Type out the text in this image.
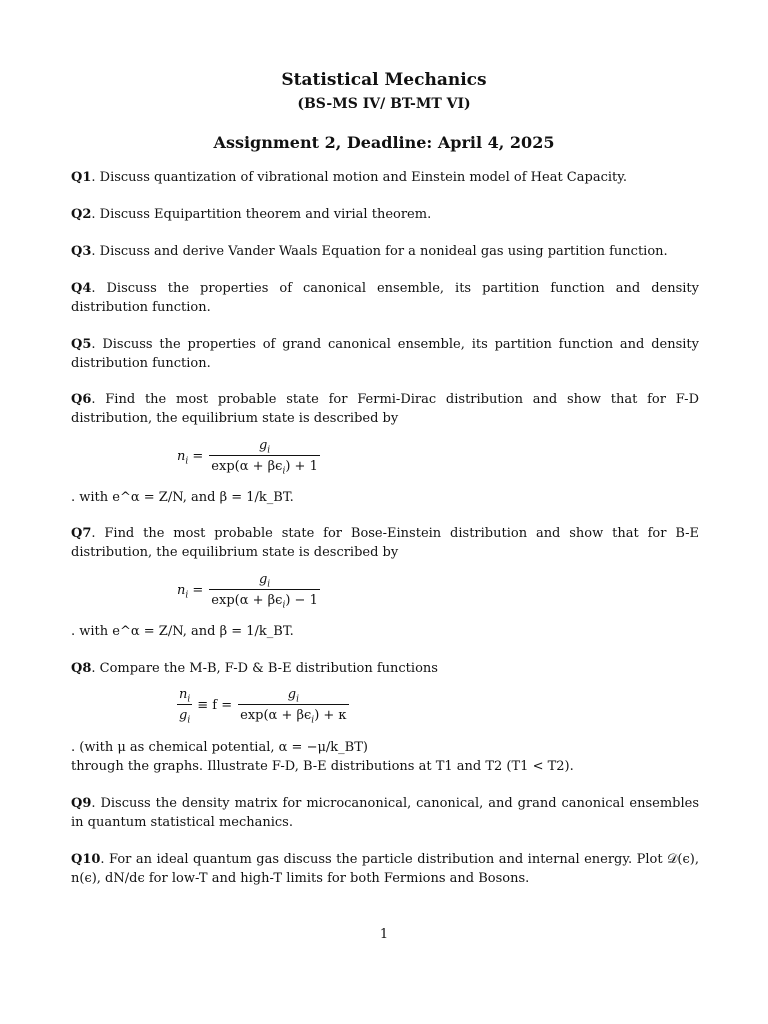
Statistical Mechanics
(BS-MS IV/ BT-MT VI)
Assignment 2, Deadline: April 4, 2025
Q1. Discuss quantization of vibrational motion and Einstein model of Heat Capacity.
Q2. Discuss Equipartition theorem and virial theorem.
Q3. Discuss and derive Vander Waals Equation for a nonideal gas using partition function.
Q4. Discuss the properties of canonical ensemble, its partition function and density distribution function.
Q5. Discuss the properties of grand canonical ensemble, its partition function and density distribution function.
Q6. Find the most probable state for Fermi-Dirac distribution and show that for F-D distribution, the equilibrium state is described by
$n_i = \frac{g_i}{\exp(\alpha + \beta\epsilon_i) + 1}$
. with e^α = Z/N, and β = 1/k_BT.
Q7. Find the most probable state for Bose-Einstein distribution and show that for B-E distribution, the equilibrium state is described by
$n_i = \frac{g_i}{\exp(\alpha + \beta\epsilon_i) - 1}$
. with e^α = Z/N, and β = 1/k_BT.
Q8. Compare the M-B, F-D & B-E distribution functions
$\frac{n_i}{g_i} \equiv f = \frac{g_i}{\exp(\alpha + \beta\epsilon_i) + \kappa}$
. (with μ as chemical potential, α = −μ/k_BT)
through the graphs. Illustrate F-D, B-E distributions at T1 and T2 (T1 < T2).
Q9. Discuss the density matrix for microcanonical, canonical, and grand canonical ensembles in quantum statistical mechanics.
Q10. For an ideal quantum gas discuss the particle distribution and internal energy. Plot 𝒟(ϵ), n(ϵ), dN/dϵ for low-T and high-T limits for both Fermions and Bosons.
1
